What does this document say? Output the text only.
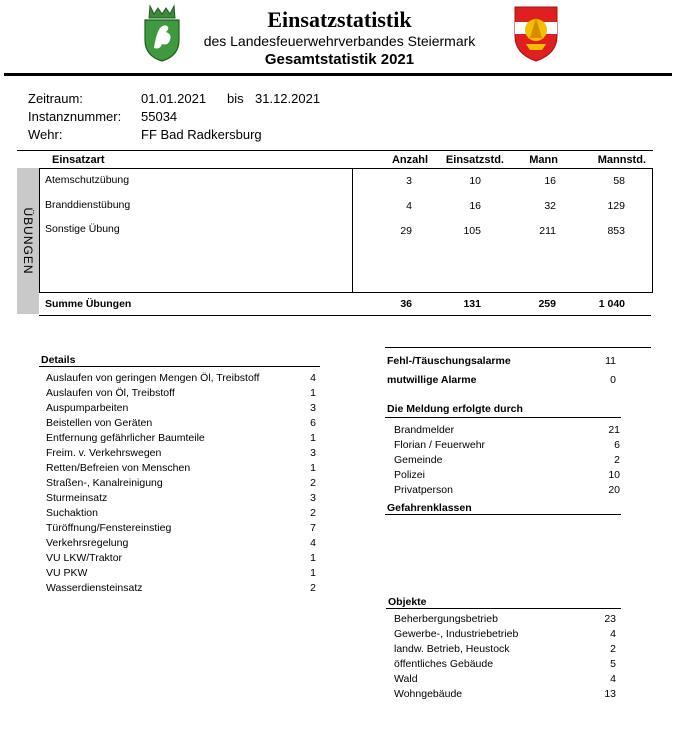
Einsatzstatistik
des Landesfeuerwehrverbandes Steiermark
Gesamtstatistik 2021
Zeitraum:	01.01.2021 bis 31.12.2021
Instanznummer: 55034
Wehr:	FF Bad Radkersburg
Einsatzart	Anzahl	Einsatzstd.	Mann	Mannstd.
ÜBUNGEN
Atemschutzübung	3	10	16	58
Branddienstübung	4	16	32	129
Sonstige Übung	29	105	211	853
Summe Übungen	36	131	259	1 040
Details
Auslaufen von geringen Mengen Öl, Treibstoff	4
Auslaufen von Öl, Treibstoff	1
Auspumparbeiten	3
Beistellen von Geräten	6
Entfernung gefährlicher Baumteile	1
Freim. v. Verkehrswegen	3
Retten/Befreien von Menschen	1
Straßen-, Kanalreinigung	2
Sturmeinsatz	3
Suchaktion	2
Türöffnung/Fenstereinstieg	7
Verkehrsregelung	4
VU LKW/Traktor	1
VU PKW	1
Wasserdiensteinsatz	2
Fehl-/Täuschungsalarme	11
mutwillige Alarme	0
Die Meldung erfolgte durch
Brandmelder	21
Florian / Feuerwehr	6
Gemeinde	2
Polizei	10
Privatperson	20
Gefahrenklassen
Objekte
Beherbergungsbetrieb	23
Gewerbe-, Industriebetrieb	4
landw. Betrieb, Heustock	2
öffentliches Gebäude	5
Wald	4
Wohngebäude	13
